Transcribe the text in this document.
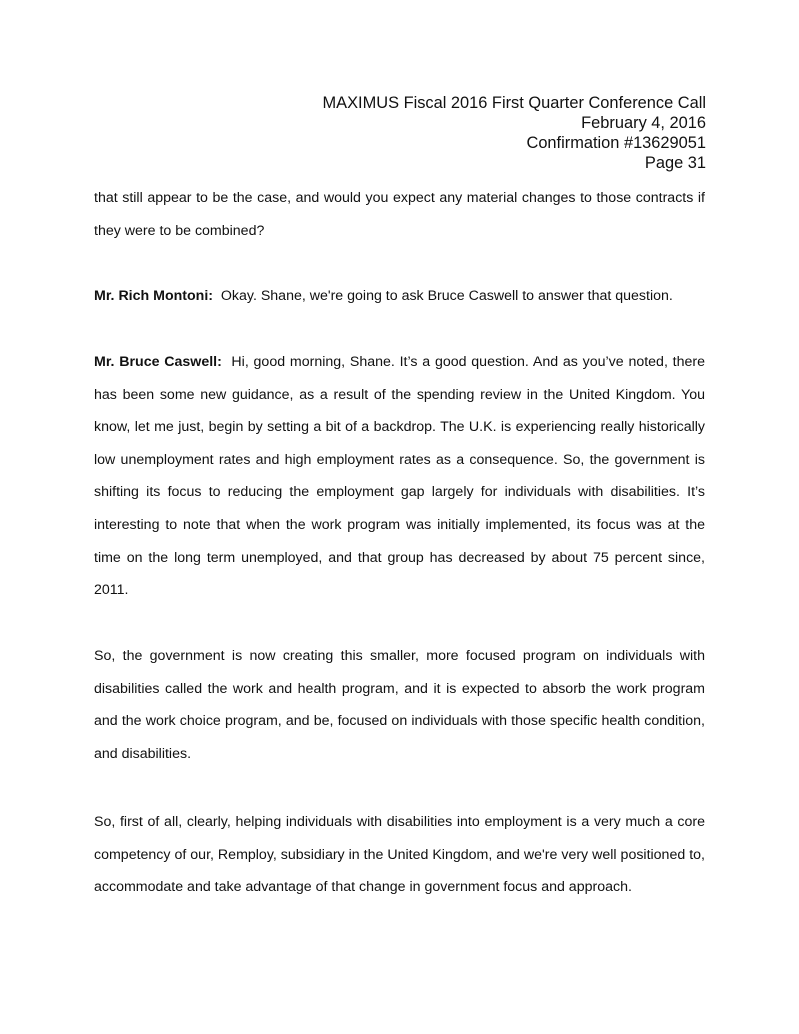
MAXIMUS Fiscal 2016 First Quarter Conference Call
February 4, 2016
Confirmation #13629051
Page 31

that still appear to be the case, and would you expect any material changes to those contracts if they were to be combined?

Mr. Rich Montoni: Okay. Shane, we're going to ask Bruce Caswell to answer that question.

Mr. Bruce Caswell: Hi, good morning, Shane. It’s a good question. And as you’ve noted, there has been some new guidance, as a result of the spending review in the United Kingdom. You know, let me just, begin by setting a bit of a backdrop. The U.K. is experiencing really historically low unemployment rates and high employment rates as a consequence. So, the government is shifting its focus to reducing the employment gap largely for individuals with disabilities. It’s interesting to note that when the work program was initially implemented, its focus was at the time on the long term unemployed, and that group has decreased by about 75 percent since, 2011.

So, the government is now creating this smaller, more focused program on individuals with disabilities called the work and health program, and it is expected to absorb the work program and the work choice program, and be, focused on individuals with those specific health condition, and disabilities.

So, first of all, clearly, helping individuals with disabilities into employment is a very much a core competency of our, Remploy, subsidiary in the United Kingdom, and we're very well positioned to, accommodate and take advantage of that change in government focus and approach.
